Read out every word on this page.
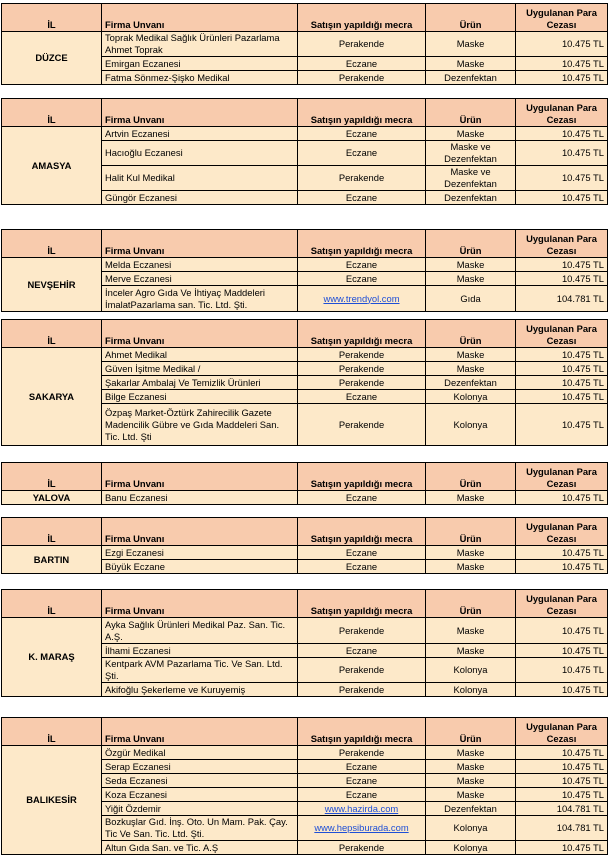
İL	Firma Unvanı	Satışın yapıldığı mecra	Ürün	Uygulanan Para Cezası
DÜZCE	Toprak Medikal Sağlık Ürünleri Pazarlama Ahmet Toprak	Perakende	Maske	10.475 TL
	Emirgan Eczanesi	Eczane	Maske	10.475 TL
	Fatma Sönmez-Şişko Medikal	Perakende	Dezenfektan	10.475 TL
İL	Firma Unvanı	Satışın yapıldığı mecra	Ürün	Uygulanan Para Cezası
AMASYA	Artvin Eczanesi	Eczane	Maske	10.475 TL
	Hacıoğlu Eczanesi	Eczane	Maske ve Dezenfektan	10.475 TL
	Halit Kul Medikal	Perakende	Maske ve Dezenfektan	10.475 TL
	Güngör Eczanesi	Eczane	Dezenfektan	10.475 TL
İL	Firma Unvanı	Satışın yapıldığı mecra	Ürün	Uygulanan Para Cezası
NEVŞEHİR	Melda Eczanesi	Eczane	Maske	10.475 TL
	Merve Eczanesi	Eczane	Maske	10.475 TL
	İnceler Agro Gıda Ve İhtiyaç Maddeleri İmalatPazarlama san. Tic. Ltd. Şti.	www.trendyol.com	Gıda	104.781 TL
İL	Firma Unvanı	Satışın yapıldığı mecra	Ürün	Uygulanan Para Cezası
SAKARYA	Ahmet Medikal	Perakende	Maske	10.475 TL
	Güven İşitme Medikal /	Perakende	Maske	10.475 TL
	Şakarlar Ambalaj Ve Temizlik Ürünleri	Perakende	Dezenfektan	10.475 TL
	Bilge Eczanesi	Eczane	Kolonya	10.475 TL
	Özpaş Market-Öztürk Zahirecilik Gazete Madencilik Gübre ve Gıda Maddeleri San. Tic. Ltd. Şti	Perakende	Kolonya	10.475 TL
İL	Firma Unvanı	Satışın yapıldığı mecra	Ürün	Uygulanan Para Cezası
YALOVA	Banu Eczanesi	Eczane	Maske	10.475 TL
İL	Firma Unvanı	Satışın yapıldığı mecra	Ürün	Uygulanan Para Cezası
BARTIN	Ezgi Eczanesi	Eczane	Maske	10.475 TL
	Büyük Eczane	Eczane	Maske	10.475 TL
İL	Firma Unvanı	Satışın yapıldığı mecra	Ürün	Uygulanan Para Cezası
K. MARAŞ	Ayka Sağlık Ürünleri Medikal Paz. San. Tic. A.Ş.	Perakende	Maske	10.475 TL
	İlhami Eczanesi	Eczane	Maske	10.475 TL
	Kentpark AVM Pazarlama Tic. Ve San. Ltd. Şti.	Perakende	Kolonya	10.475 TL
	Akifoğlu Şekerleme ve Kuruyemiş	Perakende	Kolonya	10.475 TL
İL	Firma Unvanı	Satışın yapıldığı mecra	Ürün	Uygulanan Para Cezası
BALIKESİR	Özgür Medikal	Perakende	Maske	10.475 TL
	Serap Eczanesi	Eczane	Maske	10.475 TL
	Seda Eczanesi	Eczane	Maske	10.475 TL
	Koza Eczanesi	Eczane	Maske	10.475 TL
	Yiğit Özdemir	www.hazirda.com	Dezenfektan	104.781 TL
	Bozkuşlar Gıd. İnş. Oto. Un Mam. Pak. Çay. Tic Ve San. Tic. Ltd. Şti.	www.hepsiburada.com	Kolonya	104.781 TL
	Altun Gıda San. ve Tic. A.Ş	Perakende	Kolonya	10.475 TL
